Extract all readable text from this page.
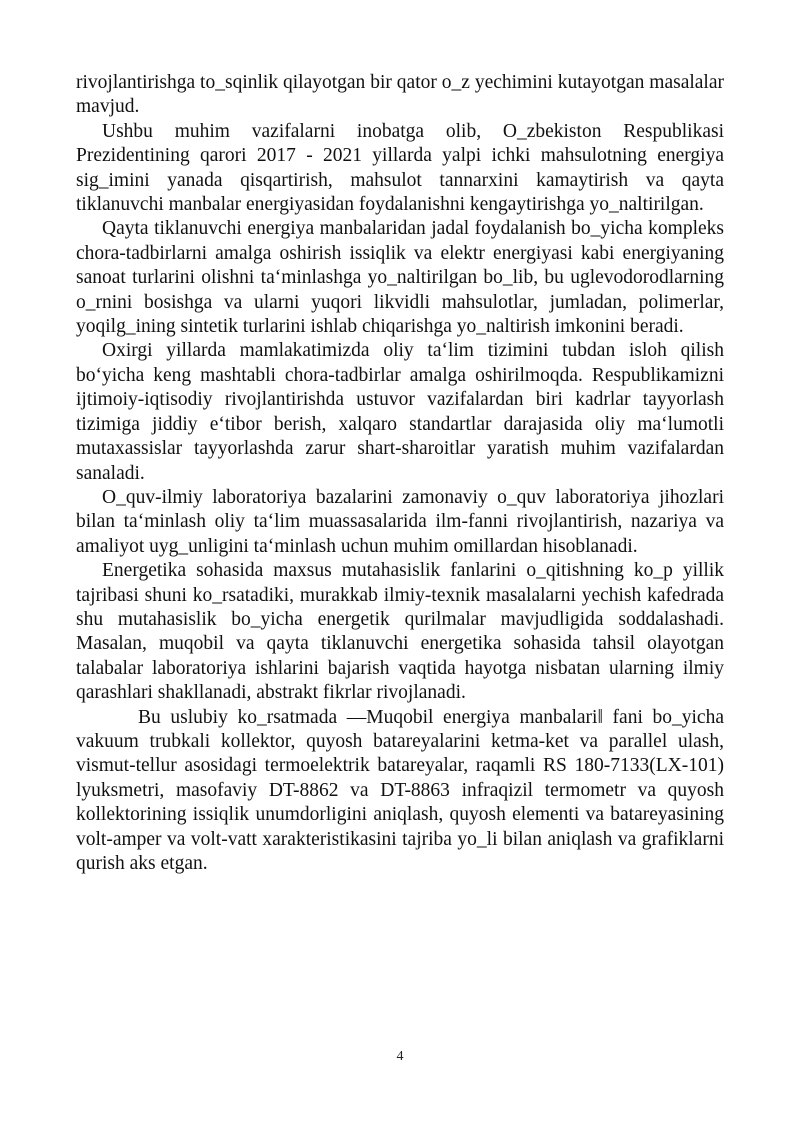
rivojlantirishga to_sqinlik qilayotgan bir qator o_z yechimini kutayotgan masalalar mavjud.

Ushbu muhim vazifalarni inobatga olib, O_zbekiston Respublikasi Prezidentining qarori 2017 - 2021 yillarda yalpi ichki mahsulotning energiya sig_imini yanada qisqartirish, mahsulot tannarxini kamaytirish va qayta tiklanuvchi manbalar energiyasidan foydalanishni kengaytirishga yo_naltirilgan.

Qayta tiklanuvchi energiya manbalaridan jadal foydalanish bo_yicha kompleks chora-tadbirlarni amalga oshirish issiqlik va elektr energiyasi kabi energiyaning sanoat turlarini olishni ta‘minlashga yo_naltirilgan bo_lib, bu uglevodorodlarning o_rnini bosishga va ularni yuqori likvidli mahsulotlar, jumladan, polimerlar, yoqilg_ining sintetik turlarini ishlab chiqarishga yo_naltirish imkonini beradi.

Oxirgi yillarda mamlakatimizda oliy ta‘lim tizimini tubdan isloh qilish bo‘yicha keng mashtabli chora-tadbirlar amalga oshirilmoqda. Respublikamizni ijtimoiy-iqtisodiy rivojlantirishda ustuvor vazifalardan biri kadrlar tayyorlash tizimiga jiddiy e‘tibor berish, xalqaro standartlar darajasida oliy ma‘lumotli mutaxassislar tayyorlashda zarur shart-sharoitlar yaratish muhim vazifalardan sanaladi.

O_quv-ilmiy laboratoriya bazalarini zamonaviy o_quv laboratoriya jihozlari bilan ta‘minlash oliy ta‘lim muassasalarida ilm-fanni rivojlantirish, nazariya va amaliyot uyg_unligini ta‘minlash uchun muhim omillardan hisoblanadi.

Energetika sohasida maxsus mutahasislik fanlarini o_qitishning ko_p yillik tajribasi shuni ko_rsatadiki, murakkab ilmiy-texnik masalalarni yechish kafedrada shu mutahasislik bo_yicha energetik qurilmalar mavjudligida soddalashadi. Masalan, muqobil va qayta tiklanuvchi energetika sohasida tahsil olayotgan talabalar laboratoriya ishlarini bajarish vaqtida hayotga nisbatan ularning ilmiy qarashlari shakllanadi, abstrakt fikrlar rivojlanadi.

Bu uslubiy ko_rsatmada ―Muqobil energiya manbalari‖ fani bo_yicha vakuum trubkali kollektor, quyosh batareyalarini ketma-ket va parallel ulash, vismut-tellur asosidagi termoelektrik batareyalar, raqamli RS 180-7133(LX-101) lyuksmetri, masofaviy DT-8862 va DT-8863 infraqizil termometr va quyosh kollektorining issiqlik unumdorligini aniqlash, quyosh elementi va batareyasining volt-amper va volt-vatt xarakteristikasini tajriba yo_li bilan aniqlash va grafiklarni qurish aks etgan.

4
